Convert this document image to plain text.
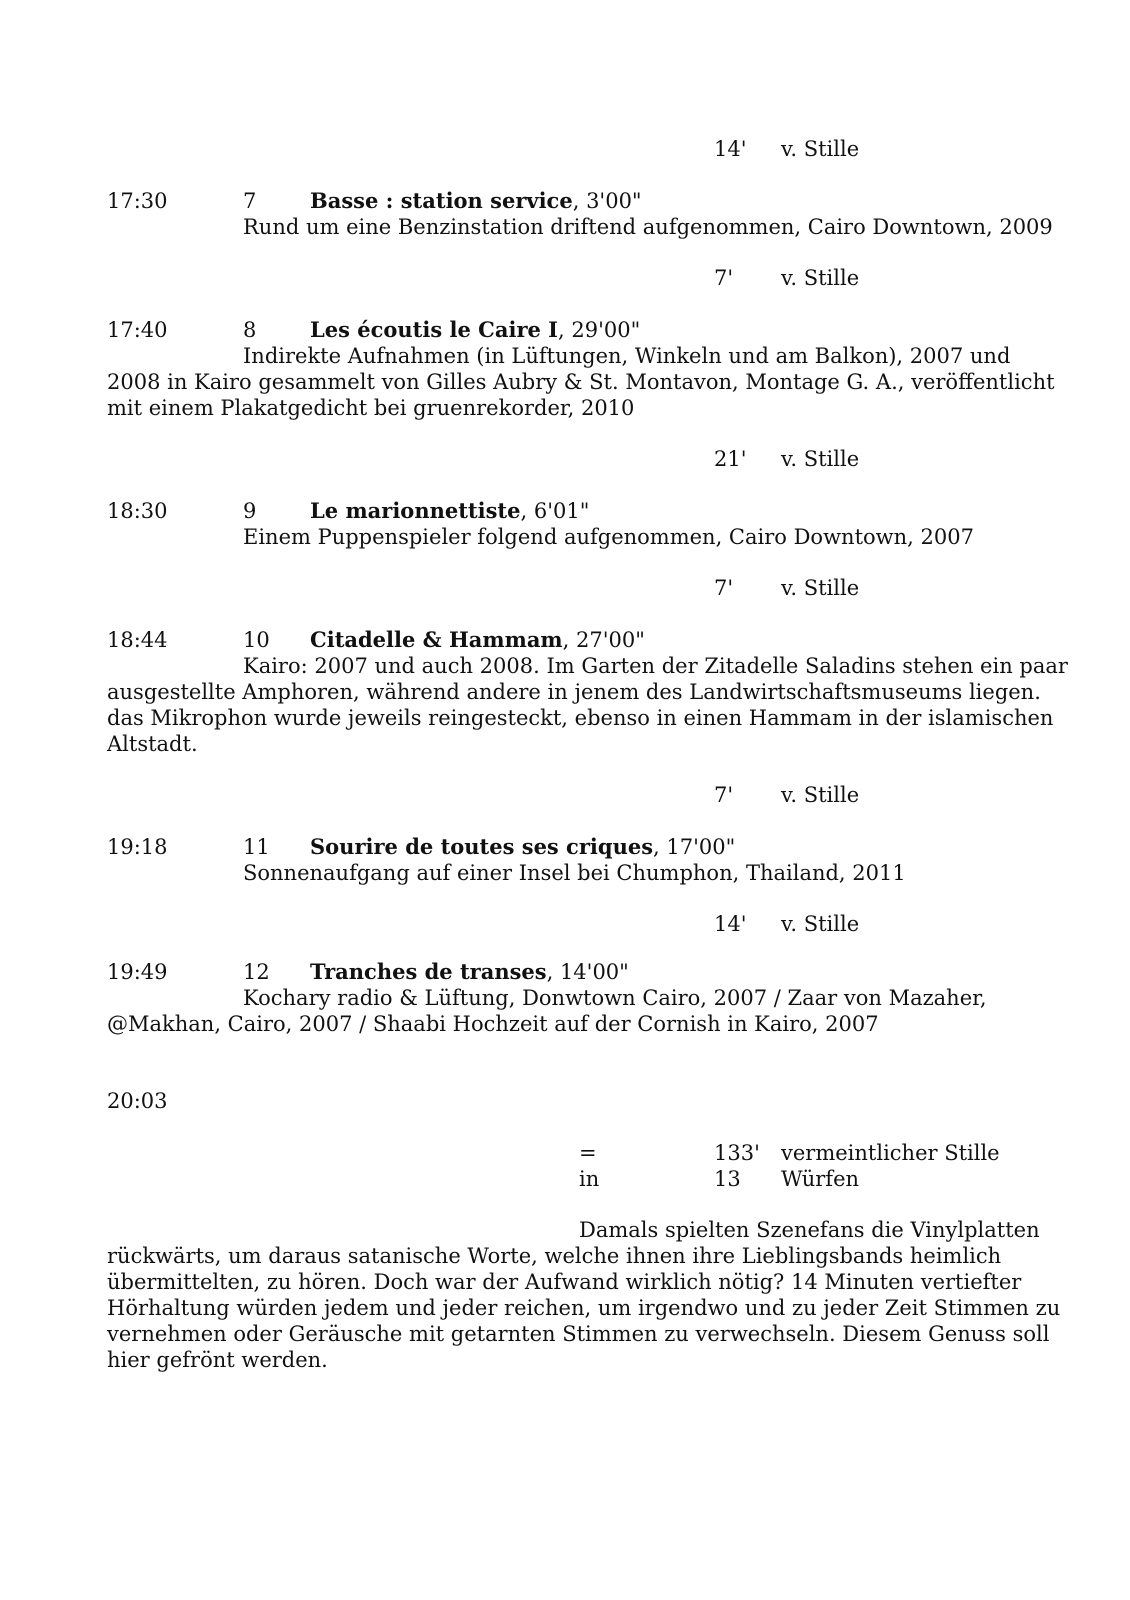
14' v. Stille
17:30	7	Basse : station service, 3'00"
Rund um eine Benzinstation driftend aufgenommen, Cairo Downtown, 2009
7' v. Stille
17:40	8	Les écoutis le Caire I, 29'00"
Indirekte Aufnahmen (in Lüftungen, Winkeln und am Balkon), 2007 und
2008 in Kairo gesammelt von Gilles Aubry & St. Montavon, Montage G. A., veröffentlicht
mit einem Plakatgedicht bei gruenrekorder, 2010
21' v. Stille
18:30	9	Le marionnettiste, 6'01"
Einem Puppenspieler folgend aufgenommen, Cairo Downtown, 2007
7' v. Stille
18:44	10 Citadelle & Hammam, 27'00"
Kairo: 2007 und auch 2008. Im Garten der Zitadelle Saladins stehen ein paar
ausgestellte Amphoren, während andere in jenem des Landwirtschaftsmuseums liegen.
das Mikrophon wurde jeweils reingesteckt, ebenso in einen Hammam in der islamischen
Altstadt.
7' v. Stille
19:18	11 Sourire de toutes ses criques, 17'00"
Sonnenaufgang auf einer Insel bei Chumphon, Thailand, 2011
14' v. Stille
19:49	12 Tranches de transes, 14'00"
Kochary radio & Lüftung, Donwtown Cairo, 2007 / Zaar von Mazaher,
@Makhan, Cairo, 2007 / Shaabi Hochzeit auf der Cornish in Kairo, 2007
20:03
=	133' vermeintlicher Stille
in	13 Würfen
Damals spielten Szenefans die Vinylplatten
rückwärts, um daraus satanische Worte, welche ihnen ihre Lieblingsbands heimlich
übermittelten, zu hören. Doch war der Aufwand wirklich nötig? 14 Minuten vertiefter
Hörhaltung würden jedem und jeder reichen, um irgendwo und zu jeder Zeit Stimmen zu
vernehmen oder Geräusche mit getarnten Stimmen zu verwechseln. Diesem Genuss soll
hier gefrönt werden.
